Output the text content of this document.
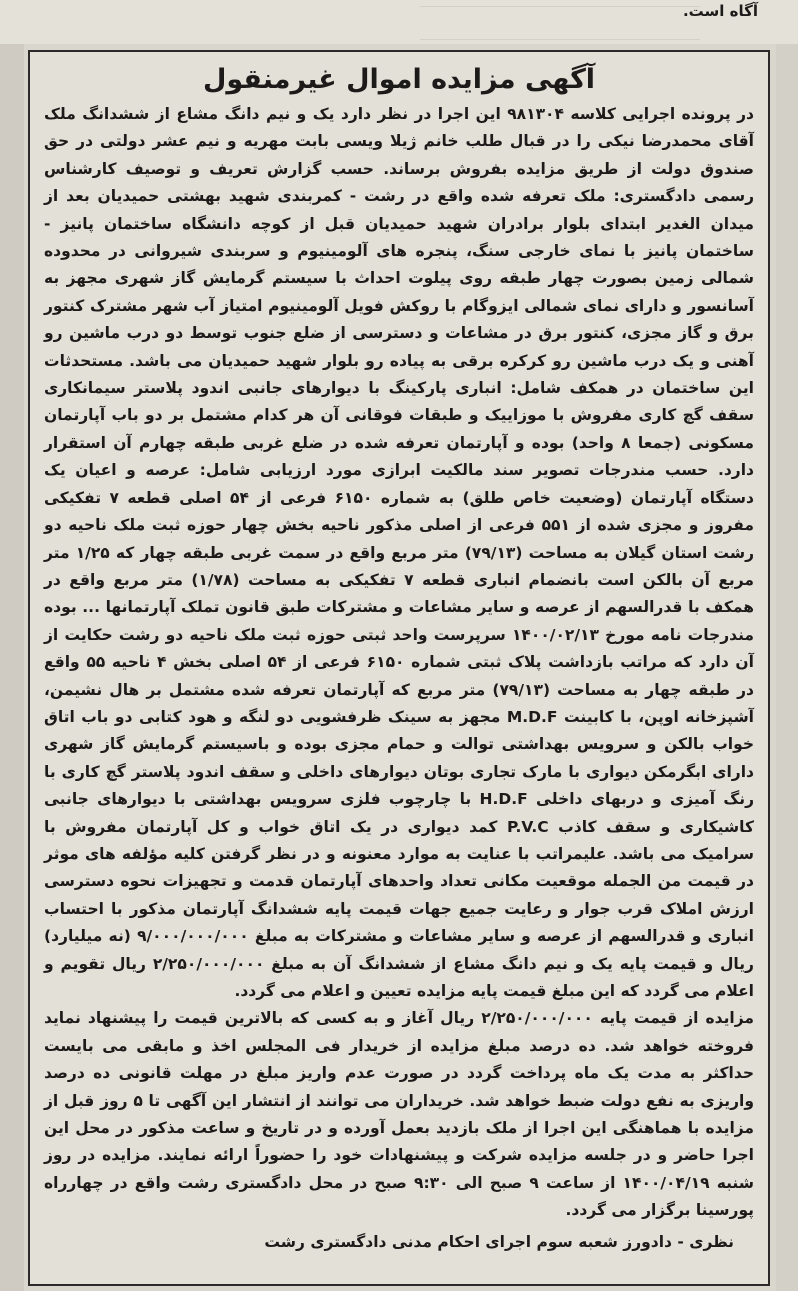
آگاه است.
آگهی مزایده اموال غیرمنقول

در پرونده اجرایی کلاسه ۹۸۱۳۰۴ این اجرا در نظر دارد یک و نیم دانگ مشاع از ششدانگ ملک آقای محمدرضا نیکی را در قبال طلب خانم ژیلا ویسی بابت مهریه و نیم عشر دولتی در حق صندوق دولت از طریق مزایده بفروش برساند. حسب گزارش تعریف و توصیف کارشناس رسمی دادگستری: ملک تعرفه شده واقع در رشت - کمربندی شهید بهشتی حمیدیان بعد از میدان الغدیر ابتدای بلوار برادران شهید حمیدیان قبل از کوچه دانشگاه ساختمان پانیز - ساختمان پانیز با نمای خارجی سنگ، پنجره های آلومینیوم و سربندی شیروانی در محدوده شمالی زمین بصورت چهار طبقه روی پیلوت احداث با سیستم گرمایش گاز شهری مجهز به آسانسور و دارای نمای شمالی ایزوگام با روکش فویل آلومینیوم امتیاز آب شهر مشترک کنتور برق و گاز مجزی، کنتور برق در مشاعات و دسترسی از ضلع جنوب توسط دو درب ماشین رو آهنی و یک درب ماشین رو کرکره برقی به پیاده رو بلوار شهید حمیدیان می باشد. مستحدثات این ساختمان در همکف شامل: انباری پارکینگ با دیوارهای جانبی اندود پلاستر سیمانکاری سقف گچ کاری مفروش با موزاییک و طبقات فوقانی آن هر کدام مشتمل بر دو باب آپارتمان مسکونی (جمعا ۸ واحد) بوده و آپارتمان تعرفه شده در ضلع غربی طبقه چهارم آن استقرار دارد. حسب مندرجات تصویر سند مالکیت ابرازی مورد ارزیابی شامل: عرصه و اعیان یک دستگاه آپارتمان (وضعیت خاص طلق) به شماره ۶۱۵۰ فرعی از ۵۴ اصلی قطعه ۷ تفکیکی مفروز و مجزی شده از ۵۵۱ فرعی از اصلی مذکور ناحیه بخش چهار حوزه ثبت ملک ناحیه دو رشت استان گیلان به مساحت (۷۹/۱۳) متر مربع واقع در سمت غربی طبقه چهار که ۱/۲۵ متر مربع آن بالکن است بانضمام انباری قطعه ۷ تفکیکی به مساحت (۱/۷۸) متر مربع واقع در همکف با قدرالسهم از عرصه و سایر مشاعات و مشترکات طبق قانون تملک آپارتمانها ... بوده مندرجات نامه مورخ ۱۴۰۰/۰۲/۱۳ سرپرست واحد ثبتی حوزه ثبت ملک ناحیه دو رشت حکایت از آن دارد که مراتب بازداشت پلاک ثبتی شماره ۶۱۵۰ فرعی از ۵۴ اصلی بخش ۴ ناحیه ۵۵ واقع در طبقه چهار به مساحت (۷۹/۱۳) متر مربع که آپارتمان تعرفه شده مشتمل بر هال نشیمن، آشپزخانه اوپن، با کابینت M.D.F مجهز به سینک ظرفشویی دو لنگه و هود کتابی دو باب اتاق خواب بالکن و سرویس بهداشتی توالت و حمام مجزی بوده و باسیستم گرمایش گاز شهری دارای ابگرمکن دیواری با مارک تجاری بوتان دیوارهای داخلی و سقف اندود پلاستر گچ کاری با رنگ آمیزی و دربهای داخلی H.D.F با چارچوب فلزی سرویس بهداشتی با دیوارهای جانبی کاشیکاری و سقف کاذب P.V.C کمد دیواری در یک اتاق خواب و کل آپارتمان مفروش با سرامیک می باشد. علیمراتب با عنایت به موارد معنونه و در نظر گرفتن کلیه مؤلفه های موثر در قیمت من الجمله موقعیت مکانی تعداد واحدهای آپارتمان قدمت و تجهیزات نحوه دسترسی ارزش املاک قرب جوار و رعایت جمیع جهات قیمت پایه ششدانگ آپارتمان مذکور با احتساب انباری و قدرالسهم از عرصه و سایر مشاعات و مشترکات به مبلغ ۹/۰۰۰/۰۰۰/۰۰۰ (نه میلیارد) ریال و قیمت پایه یک و نیم دانگ مشاع از ششدانگ آن به مبلغ ۲/۲۵۰/۰۰۰/۰۰۰ ریال تقویم و اعلام می گردد که این مبلغ قیمت پایه مزایده تعیین و اعلام می گردد.

مزایده از قیمت پایه ۲/۲۵۰/۰۰۰/۰۰۰ ریال آغاز و به کسی که بالاترین قیمت را پیشنهاد نماید فروخته خواهد شد. ده درصد مبلغ مزایده از خریدار فی المجلس اخذ و مابقی می بایست حداکثر به مدت یک ماه پرداخت گردد در صورت عدم واریز مبلغ در مهلت قانونی ده درصد واریزی به نفع دولت ضبط خواهد شد. خریداران می توانند از انتشار این آگهی تا ۵ روز قبل از مزایده با هماهنگی این اجرا از ملک بازدید بعمل آورده و در تاریخ و ساعت مذکور در محل این اجرا حاضر و در جلسه مزایده شرکت و پیشنهادات خود را حضوراً ارائه نمایند. مزایده در روز شنبه ۱۴۰۰/۰۴/۱۹ از ساعت ۹ صبح الی ۹:۳۰ صبح در محل دادگستری رشت واقع در چهارراه پورسینا برگزار می گردد.

نظری - دادورز شعبه سوم اجرای احکام مدنی دادگستری رشت
